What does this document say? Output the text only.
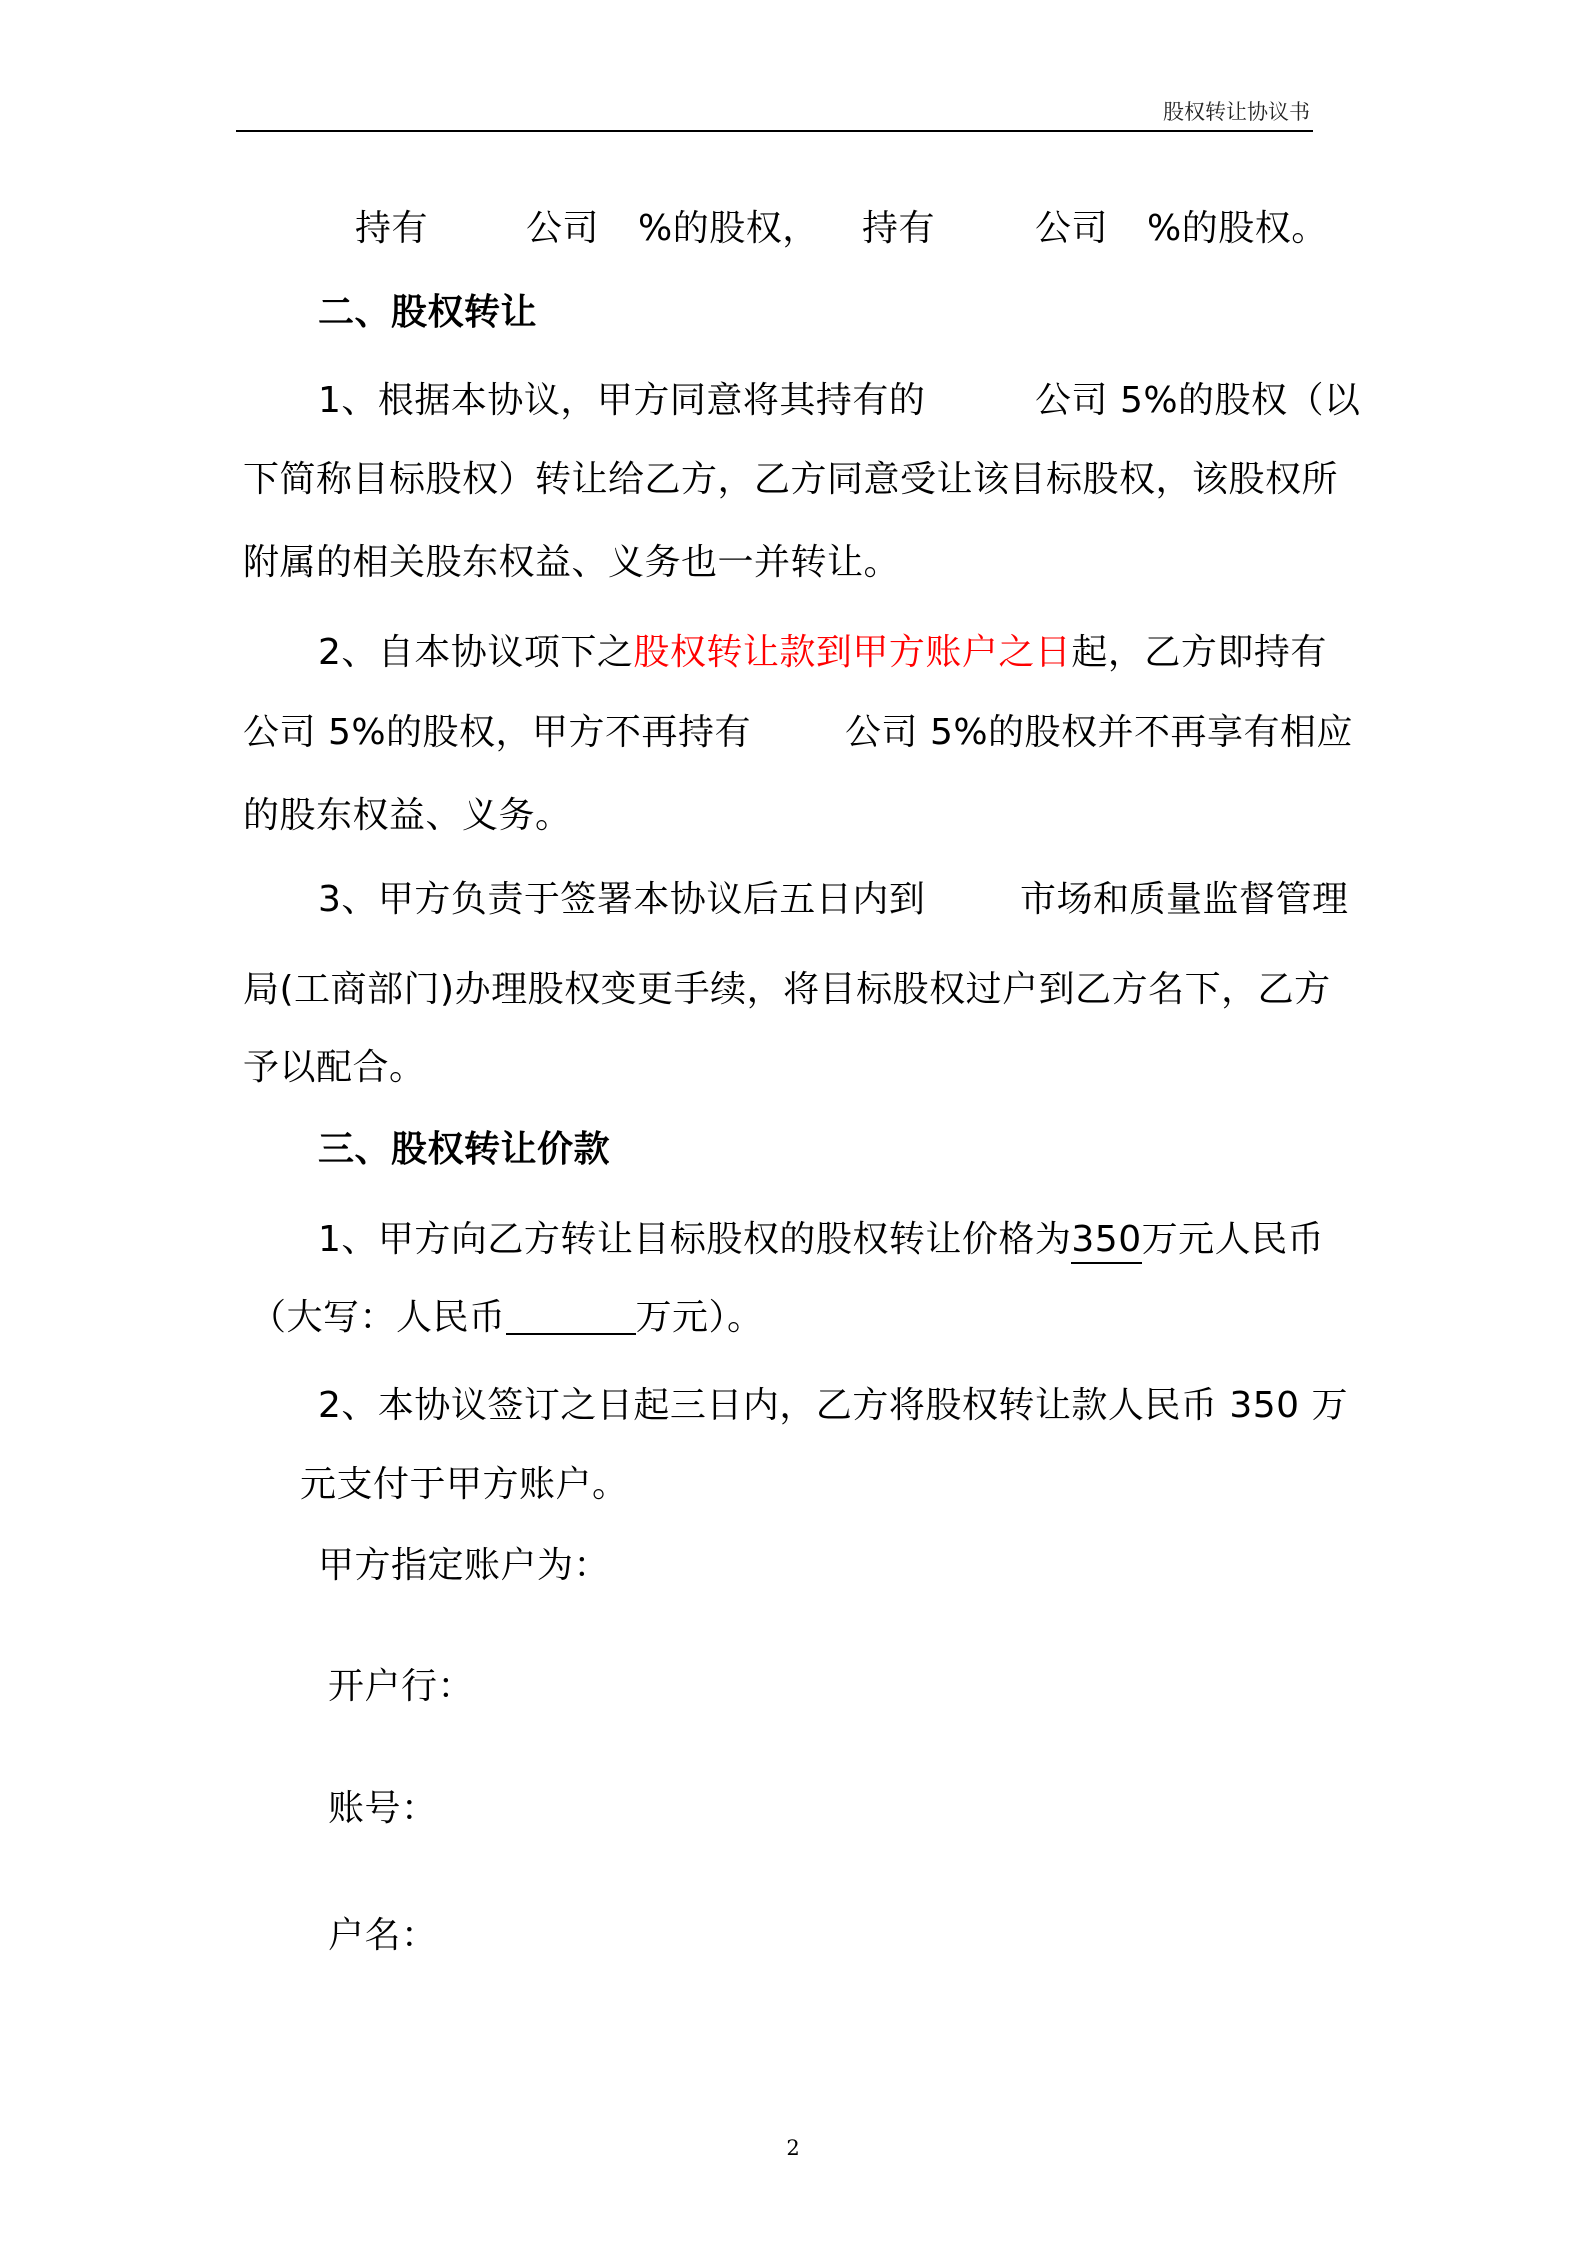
股权转让协议书
持有	公司 %的股权， 持有	公司 %的股权。
二、股权转让
1、根据本协议，甲方同意将其持有的	公司 5%的股权（以
下简称目标股权）转让给乙方，乙方同意受让该目标股权，该股权所
附属的相关股东权益、义务也一并转让。
2、自本协议项下之股权转让款到甲方账户之日起，乙方即持有
公司 5%的股权，甲方不再持有	公司 5%的股权并不再享有相应
的股东权益、义务。
3、甲方负责于签署本协议后五日内到	市场和质量监督管理
局(工商部门)办理股权变更手续，将目标股权过户到乙方名下，乙方
予以配合。
三、股权转让价款
1、甲方向乙方转让目标股权的股权转让价格为350万元人民币
（大写：人民币	万元）。
2、本协议签订之日起三日内，乙方将股权转让款人民币 350 万
元支付于甲方账户。
甲方指定账户为：
开户行：
账号：
户名：
2
